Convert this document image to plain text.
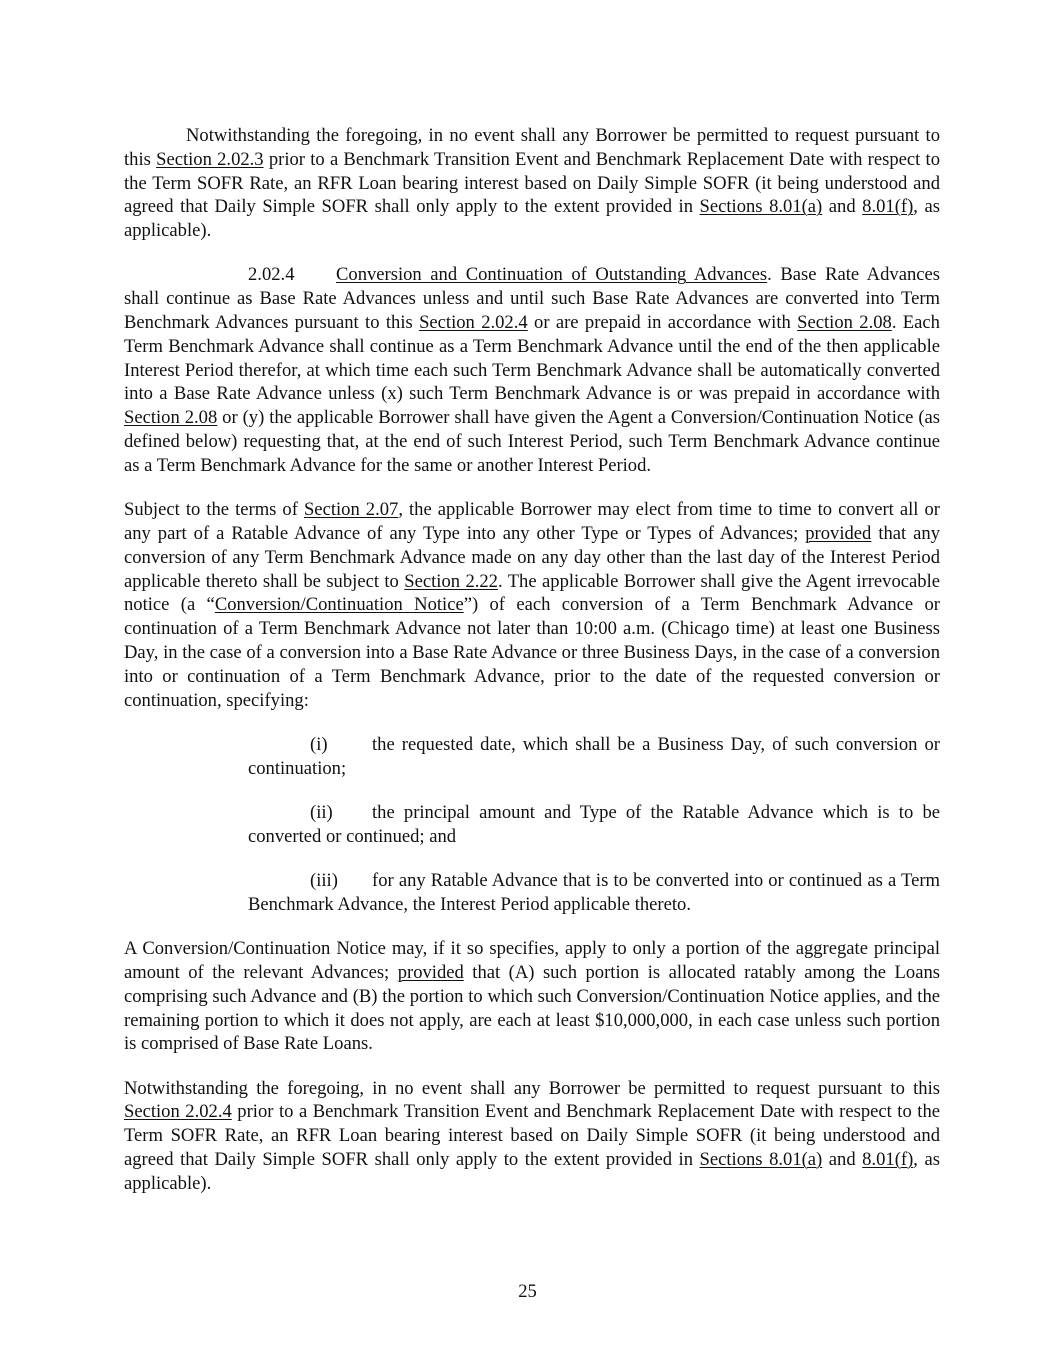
Notwithstanding the foregoing, in no event shall any Borrower be permitted to request pursuant to this Section 2.02.3 prior to a Benchmark Transition Event and Benchmark Replacement Date with respect to the Term SOFR Rate, an RFR Loan bearing interest based on Daily Simple SOFR (it being understood and agreed that Daily Simple SOFR shall only apply to the extent provided in Sections 8.01(a) and 8.01(f), as applicable).

2.02.4 Conversion and Continuation of Outstanding Advances. Base Rate Advances shall continue as Base Rate Advances unless and until such Base Rate Advances are converted into Term Benchmark Advances pursuant to this Section 2.02.4 or are prepaid in accordance with Section 2.08. Each Term Benchmark Advance shall continue as a Term Benchmark Advance until the end of the then applicable Interest Period therefor, at which time each such Term Benchmark Advance shall be automatically converted into a Base Rate Advance unless (x) such Term Benchmark Advance is or was prepaid in accordance with Section 2.08 or (y) the applicable Borrower shall have given the Agent a Conversion/Continuation Notice (as defined below) requesting that, at the end of such Interest Period, such Term Benchmark Advance continue as a Term Benchmark Advance for the same or another Interest Period.

Subject to the terms of Section 2.07, the applicable Borrower may elect from time to time to convert all or any part of a Ratable Advance of any Type into any other Type or Types of Advances; provided that any conversion of any Term Benchmark Advance made on any day other than the last day of the Interest Period applicable thereto shall be subject to Section 2.22. The applicable Borrower shall give the Agent irrevocable notice (a “Conversion/Continuation Notice”) of each conversion of a Term Benchmark Advance or continuation of a Term Benchmark Advance not later than 10:00 a.m. (Chicago time) at least one Business Day, in the case of a conversion into a Base Rate Advance or three Business Days, in the case of a conversion into or continuation of a Term Benchmark Advance, prior to the date of the requested conversion or continuation, specifying:

(i) the requested date, which shall be a Business Day, of such conversion or continuation;

(ii) the principal amount and Type of the Ratable Advance which is to be converted or continued; and

(iii) for any Ratable Advance that is to be converted into or continued as a Term Benchmark Advance, the Interest Period applicable thereto.

A Conversion/Continuation Notice may, if it so specifies, apply to only a portion of the aggregate principal amount of the relevant Advances; provided that (A) such portion is allocated ratably among the Loans comprising such Advance and (B) the portion to which such Conversion/Continuation Notice applies, and the remaining portion to which it does not apply, are each at least $10,000,000, in each case unless such portion is comprised of Base Rate Loans.

Notwithstanding the foregoing, in no event shall any Borrower be permitted to request pursuant to this Section 2.02.4 prior to a Benchmark Transition Event and Benchmark Replacement Date with respect to the Term SOFR Rate, an RFR Loan bearing interest based on Daily Simple SOFR (it being understood and agreed that Daily Simple SOFR shall only apply to the extent provided in Sections 8.01(a) and 8.01(f), as applicable).

25
